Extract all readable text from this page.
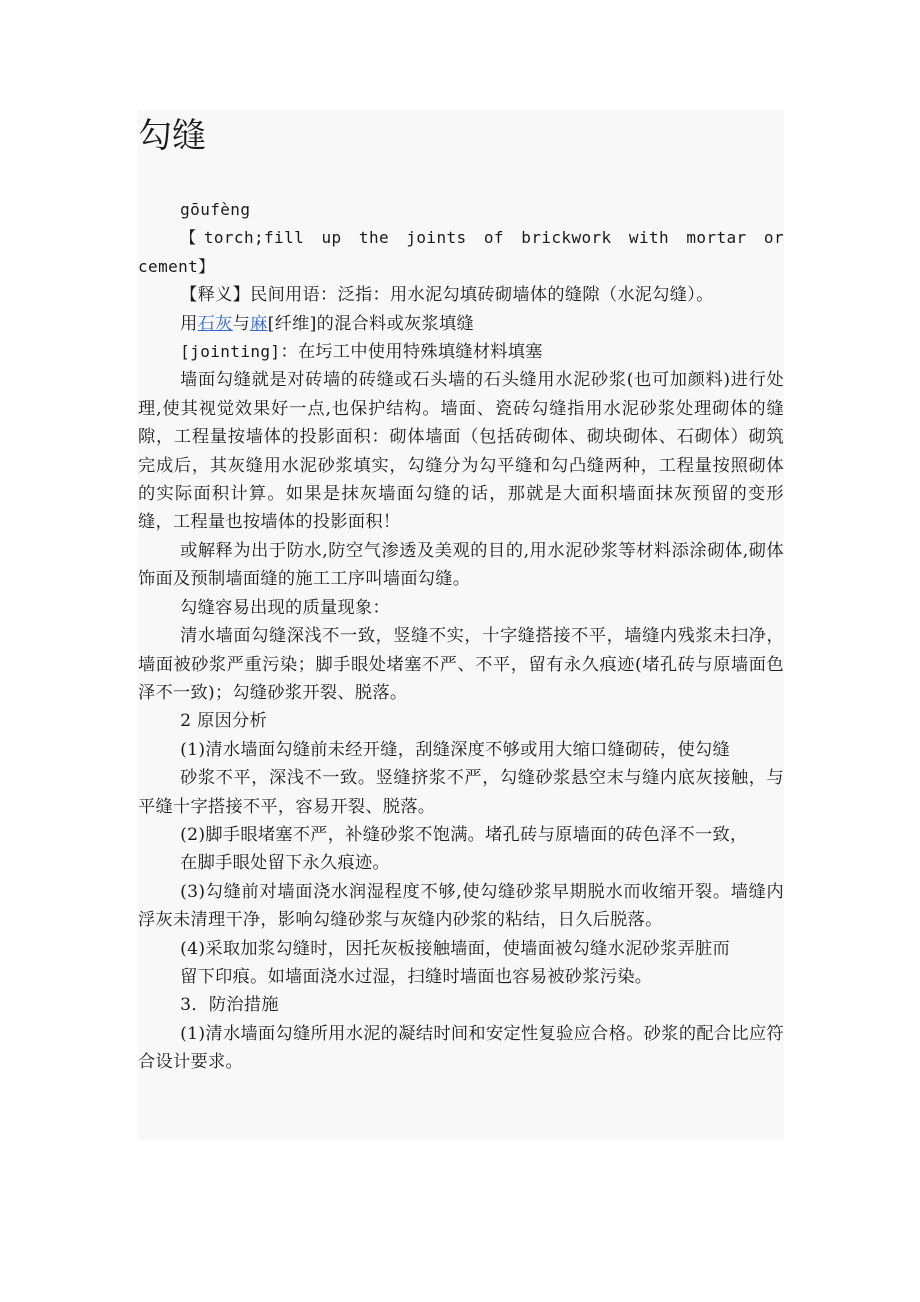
勾缝

gōufèng

【torch;fill up the joints of brickwork with mortar or cement】

【释义】民间用语：泛指：用水泥勾填砖砌墙体的缝隙（水泥勾缝）。

用石灰与麻[纤维]的混合料或灰浆填缝

[jointing]：在圬工中使用特殊填缝材料填塞

墙面勾缝就是对砖墙的砖缝或石头墙的石头缝用水泥砂浆(也可加颜料)进行处理,使其视觉效果好一点,也保护结构。墙面、瓷砖勾缝指用水泥砂浆处理砌体的缝隙，工程量按墙体的投影面积：砌体墙面（包括砖砌体、砌块砌体、石砌体）砌筑完成后，其灰缝用水泥砂浆填实，勾缝分为勾平缝和勾凸缝两种，工程量按照砌体的实际面积计算。如果是抹灰墙面勾缝的话，那就是大面积墙面抹灰预留的变形缝，工程量也按墙体的投影面积！

或解释为出于防水,防空气渗透及美观的目的,用水泥砂浆等材料添涂砌体,砌体饰面及预制墙面缝的施工工序叫墙面勾缝。

勾缝容易出现的质量现象：

清水墙面勾缝深浅不一致，竖缝不实，十字缝搭接不平，墙缝内残浆未扫净，墙面被砂浆严重污染；脚手眼处堵塞不严、不平，留有永久痕迹(堵孔砖与原墙面色泽不一致)；勾缝砂浆开裂、脱落。

2 原因分析

(1)清水墙面勾缝前未经开缝，刮缝深度不够或用大缩口缝砌砖，使勾缝

砂浆不平，深浅不一致。竖缝挤浆不严，勾缝砂浆悬空末与缝内底灰接触，与平缝十字搭接不平，容易开裂、脱落。

(2)脚手眼堵塞不严，补缝砂浆不饱满。堵孔砖与原墙面的砖色泽不一致，

在脚手眼处留下永久痕迹。

(3)勾缝前对墙面浇水润湿程度不够,使勾缝砂浆早期脱水而收缩开裂。墙缝内浮灰未清理干净，影响勾缝砂浆与灰缝内砂浆的粘结，日久后脱落。

(4)采取加浆勾缝时，因托灰板接触墙面，使墙面被勾缝水泥砂浆弄脏而

留下印痕。如墙面浇水过湿，扫缝时墙面也容易被砂浆污染。

3．防治措施

(1)清水墙面勾缝所用水泥的凝结时间和安定性复验应合格。砂浆的配合比应符合设计要求。
